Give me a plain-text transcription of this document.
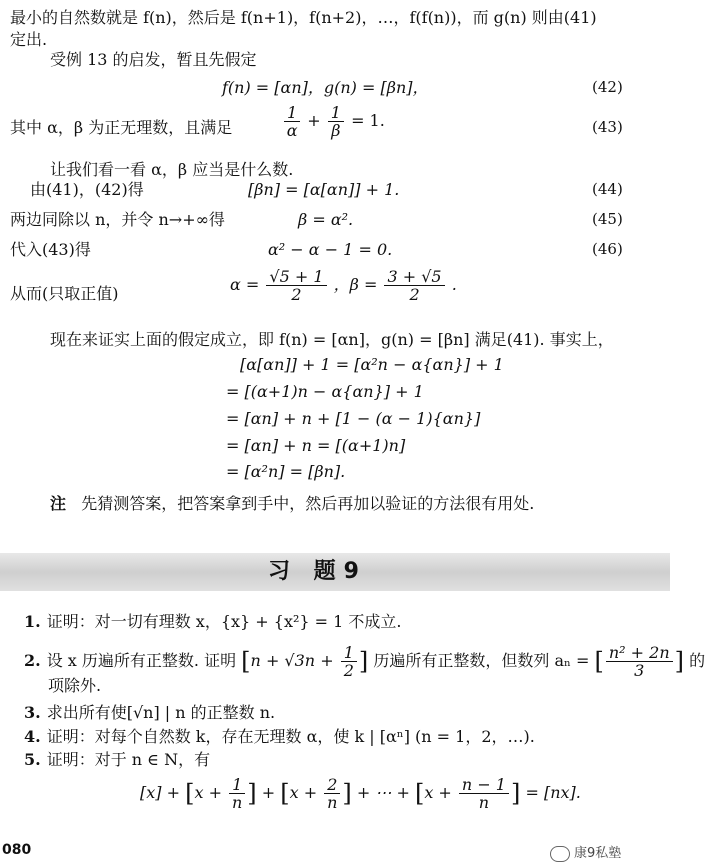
最小的自然数就是 f(n)，然后是 f(n+1)，f(n+2)，…，f(f(n))，而 g(n) 则由(41)
定出.
受例 13 的启发，暂且先假定
f(n) = [αn]，g(n) = [βn]，	(42)
其中 α，β 为正无理数，且满足	$\frac{1}{\alpha} + \frac{1}{\beta} = 1$.	(43)
让我们看一看 α，β 应当是什么数.
由(41)，(42)得	[βn] = [α[αn]] + 1.	(44)
两边同除以 n，并令 n→+∞得	β = α².	(45)
代入(43)得	α² − α − 1 = 0.	(46)
从而(只取正值)	$\alpha = \frac{√5 + 1}{2}$ ，$\beta = \frac{3 + √5}{2}$ .
现在来证实上面的假定成立，即 f(n) = [αn]，g(n) = [βn] 满足(41). 事实上，
[α[αn]] + 1 = [α²n − α{αn}] + 1
= [(α+1)n − α{αn}] + 1
= [αn] + n + [1 − (α − 1){αn}]
= [αn] + n = [(α+1)n]
= [α²n] = [βn].
注 先猜测答案，把答案拿到手中，然后再加以验证的方法很有用处.
习 题9
1. 证明：对一切有理数 x，{x} + {x²} = 1 不成立.
2. 设 x 历遍所有正整数. 证明 [$n + √3n + \frac{1}{2}$ ] 历遍所有正整数，但数列 aₙ = [ $\frac{\text{n² + 2n}}{3}$ ] 的
项除外.
3. 求出所有使[√n] | n 的正整数 n.
4. 证明：对每个自然数 k，存在无理数 α，使 k | [αⁿ] (n = 1，2，…).
5. 证明：对于 n ∈ N，有
$[x] + [x + \frac{1}{n}$ ] + [$x + \frac{2}{n}$ ] + ⋯ + [$x + \frac{n - 1}{n}$ ] = [nx].
080	康9私塾
